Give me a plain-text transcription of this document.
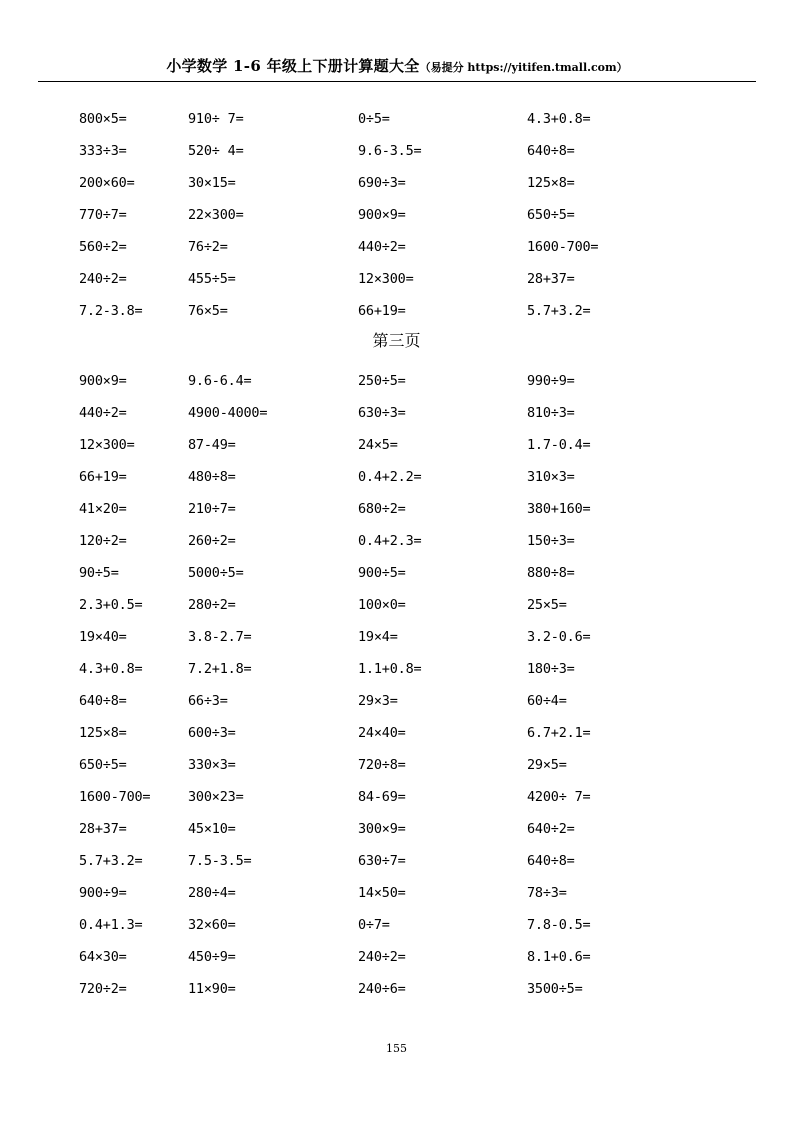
小学数学 1-6 年级上下册计算题大全（易提分 https://yitifen.tmall.com）
800×5=	910÷ 7=	0÷5=	4.3+0.8=
333÷3=	520÷ 4=	9.6-3.5=	640÷8=
200×60=	30×15=	690÷3=	125×8=
770÷7=	22×300=	900×9=	650÷5=
560÷2=	76÷2=	440÷2=	1600-700=
240÷2=	455÷5=	12×300=	28+37=
7.2-3.8=	76×5=	66+19=	5.7+3.2=
第三页
900×9=	9.6-6.4=	250÷5=	990÷9=
440÷2=	4900-4000=	630÷3=	810÷3=
12×300=	87-49=	24×5=	1.7-0.4=
66+19=	480÷8=	0.4+2.2=	310×3=
41×20=	210÷7=	680÷2=	380+160=
120÷2=	260÷2=	0.4+2.3=	150÷3=
90÷5=	5000÷5=	900÷5=	880÷8=
2.3+0.5=	280÷2=	100×0=	25×5=
19×40=	3.8-2.7=	19×4=	3.2-0.6=
4.3+0.8=	7.2+1.8=	1.1+0.8=	180÷3=
640÷8=	66÷3=	29×3=	60÷4=
125×8=	600÷3=	24×40=	6.7+2.1=
650÷5=	330×3=	720÷8=	29×5=
1600-700=	300×23=	84-69=	4200÷ 7=
28+37=	45×10=	300×9=	640÷2=
5.7+3.2=	7.5-3.5=	630÷7=	640÷8=
900÷9=	280÷4=	14×50=	78÷3=
0.4+1.3=	32×60=	0÷7=	7.8-0.5=
64×30=	450÷9=	240÷2=	8.1+0.6=
720÷2=	11×90=	240÷6=	3500÷5=
155
